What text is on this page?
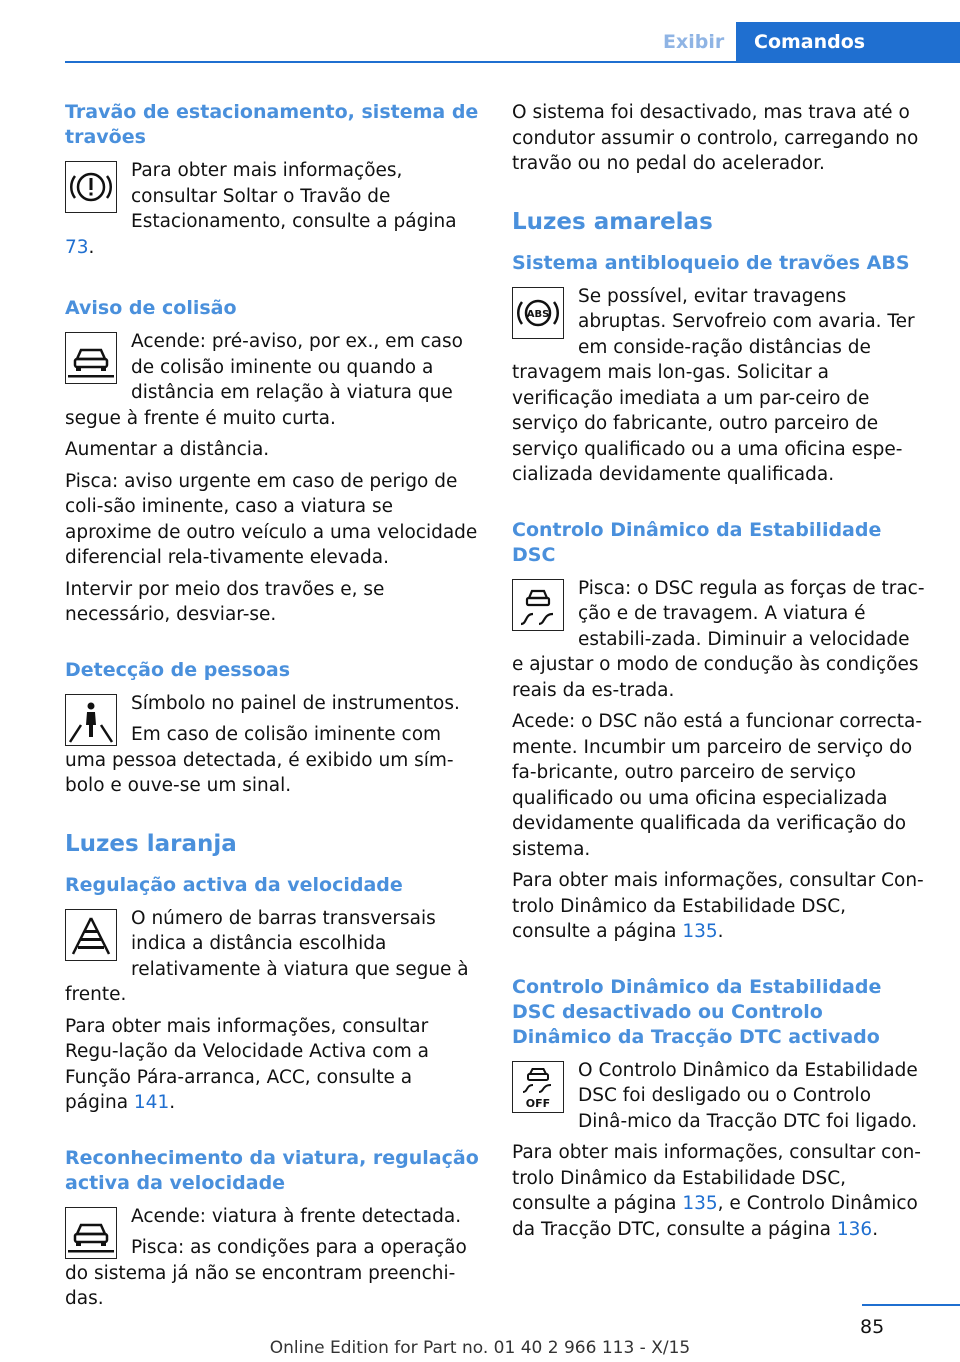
Exibir	Comandos
Travão de estacionamento, sistema de travões

Para obter mais informações, consultar Soltar o Travão de Estacionamento, consulte a página 73.

Aviso de colisão

Acende: pré-aviso, por ex., em caso de colisão iminente ou quando a distância em relação à viatura que segue à frente é muito curta.

Aumentar a distância.

Pisca: aviso urgente em caso de perigo de coli-são iminente, caso a viatura se aproxime de outro veículo a uma velocidade diferencial rela-tivamente elevada.

Intervir por meio dos travões e, se necessário, desviar-se.

Detecção de pessoas

Símbolo no painel de instrumentos.

Em caso de colisão iminente com uma pessoa detectada, é exibido um sím-bolo e ouve-se um sinal.

Luzes laranja
Regulação activa da velocidade

O número de barras transversais indica a distância escolhida relativamente à viatura que segue à frente.

Para obter mais informações, consultar Regu-lação da Velocidade Activa com a Função Pára-arranca, ACC, consulte a página 141.

Reconhecimento da viatura, regulação activa da velocidade

Acende: viatura à frente detectada.

Pisca: as condições para a operação do sistema já não se encontram preenchi-das.

O sistema foi desactivado, mas trava até o condutor assumir o controlo, carregando no travão ou no pedal do acelerador.

Luzes amarelas
Sistema antibloqueio de travões ABS
ABS

Se possível, evitar travagens abruptas. Servofreio com avaria. Ter em conside-ração distâncias de travagem mais lon-gas. Solicitar a verificação imediata a um par-ceiro de serviço do fabricante, outro parceiro de serviço qualificado ou a uma oficina espe-cializada devidamente qualificada.

Controlo Dinâmico da Estabilidade DSC

Pisca: o DSC regula as forças de trac-ção e de travagem. A viatura é estabili-zada. Diminuir a velocidade e ajustar o modo de condução às condições reais da es-trada.

Acede: o DSC não está a funcionar correcta-mente. Incumbir um parceiro de serviço do fa-bricante, outro parceiro de serviço qualificado ou uma oficina especializada devidamente qualificada da verificação do sistema.

Para obter mais informações, consultar Con-trolo Dinâmico da Estabilidade DSC, consulte a página 135.

Controlo Dinâmico da Estabilidade DSC desactivado ou Controlo Dinâmico da Tracção DTC activado
OFF

O Controlo Dinâmico da Estabilidade DSC foi desligado ou o Controlo Dinâ-mico da Tracção DTC foi ligado.

Para obter mais informações, consultar con-trolo Dinâmico da Estabilidade DSC, consulte a página 135, e Controlo Dinâmico da Tracção DTC, consulte a página 136.

85
Online Edition for Part no. 01 40 2 966 113 - X/15
